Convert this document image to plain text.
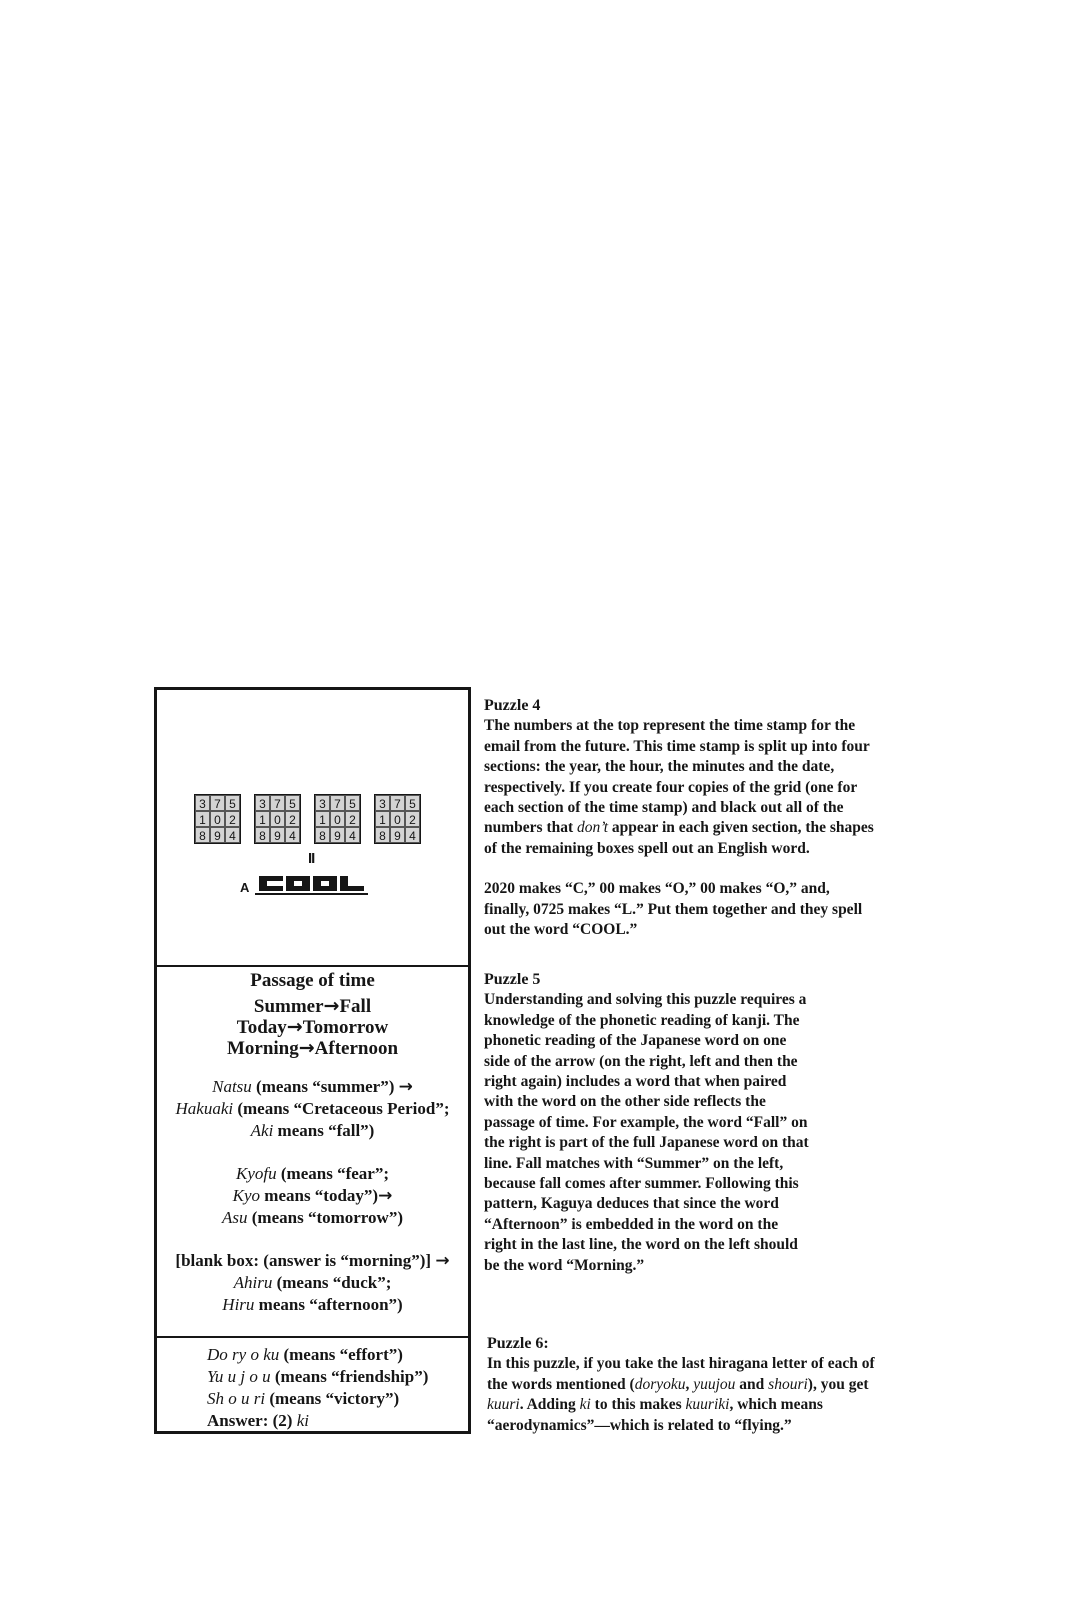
3 7 5
1 0 2
8 9 4
3 7 5
1 0 2
8 9 4
3 7 5
1 0 2
8 9 4
3 7 5
1 0 2
8 9 4
II
A
Passage of time
Summer→Fall
Today→Tomorrow
Morning→Afternoon
Natsu (means “summer”) →
Hakuaki (means “Cretaceous Period”;
Aki means “fall”)
Kyofu (means “fear”;
Kyo means “today”)→
Asu (means “tomorrow”)
[blank box: (answer is “morning”)] →
Ahiru (means “duck”;
Hiru means “afternoon”)
Do ry o ku (means “effort”)
Yu u j o u (means “friendship”)
Sh o u ri (means “victory”)
Answer: (2) ki

Puzzle 4

The numbers at the top represent the time stamp for the email from the future. This time stamp is split up into four sections: the year, the hour, the minutes and the date, respectively. If you create four copies of the grid (one for each section of the time stamp) and black out all of the numbers that don’t appear in each given section, the shapes of the remaining boxes spell out an English word.

2020 makes “C,” 00 makes “O,” 00 makes “O,” and, finally, 0725 makes “L.” Put them together and they spell out the word “COOL.”

Puzzle 5

Understanding and solving this puzzle requires a knowledge of the phonetic reading of kanji. The phonetic reading of the Japanese word on one side of the arrow (on the right, left and then the right again) includes a word that when paired with the word on the other side reflects the passage of time. For example, the word “Fall” on the right is part of the full Japanese word on that line. Fall matches with “Summer” on the left, because fall comes after summer. Following this pattern, Kaguya deduces that since the word “Afternoon” is embedded in the word on the right in the last line, the word on the left should be the word “Morning.”

Puzzle 6:

In this puzzle, if you take the last hiragana letter of each of the words mentioned (doryoku, yuujou and shouri), you get kuuri. Adding ki to this makes kuuriki, which means “aerodynamics”—which is related to “flying.”
